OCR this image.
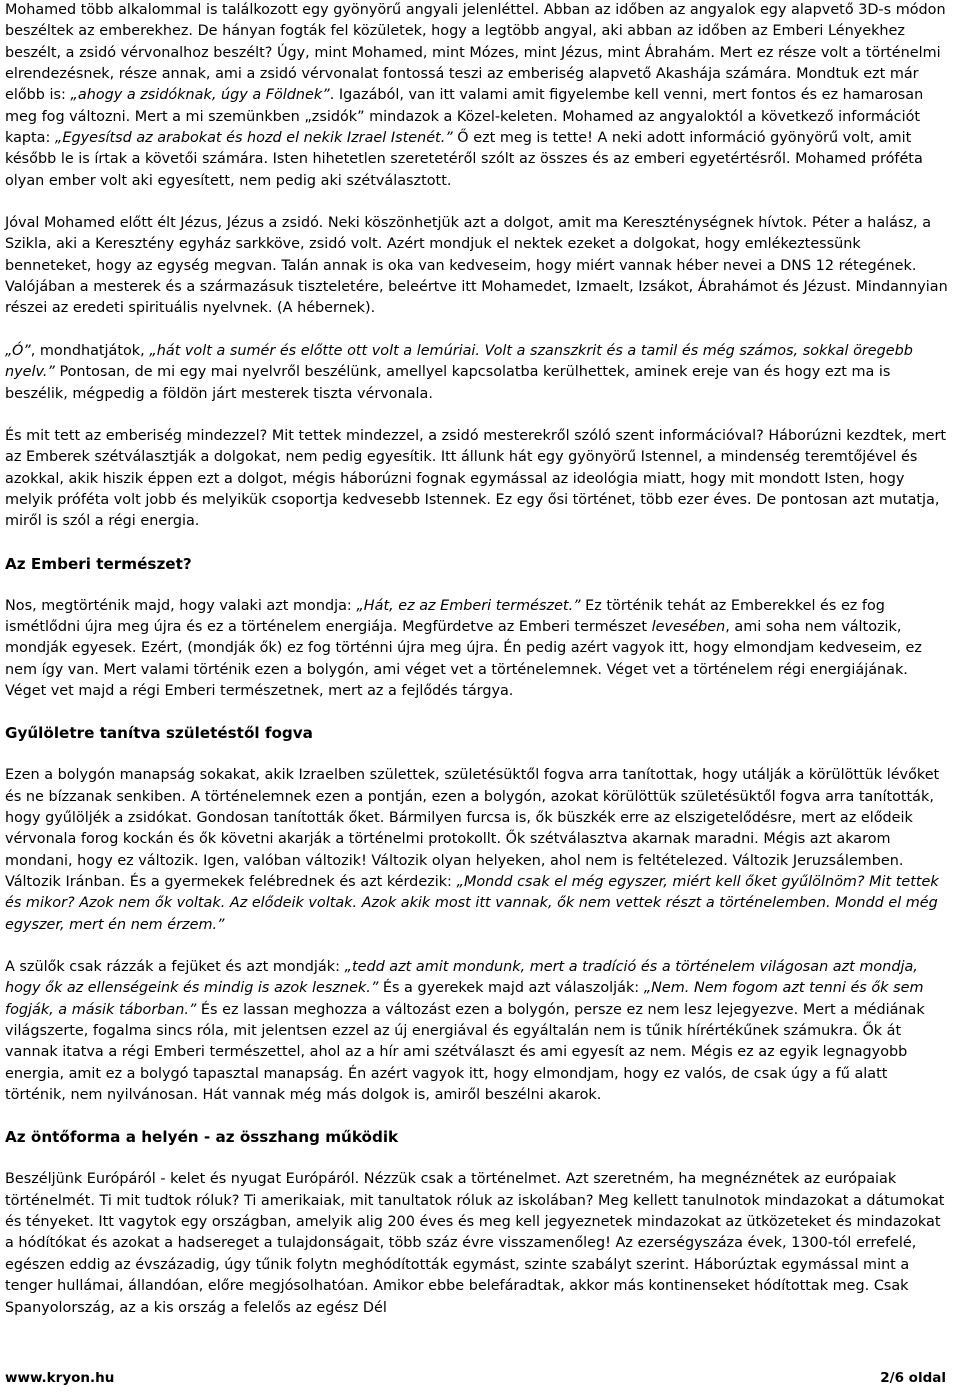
Mohamed több alkalommal is találkozott egy gyönyörű angyali jelenléttel. Abban az időben az angyalok egy alapvető 3D-s módon beszéltek az emberekhez. De hányan fogták fel közületek, hogy a legtöbb angyal, aki abban az időben az Emberi Lényekhez beszélt, a zsidó vérvonalhoz beszélt? Úgy, mint Mohamed, mint Mózes, mint Jézus, mint Ábrahám. Mert ez része volt a történelmi elrendezésnek, része annak, ami a zsidó vérvonalat fontossá teszi az emberiség alapvető Akashája számára. Mondtuk ezt már előbb is: „ahogy a zsidóknak, úgy a Földnek”. Igazából, van itt valami amit figyelembe kell venni, mert fontos és ez hamarosan meg fog változni. Mert a mi szemünkben „zsidók” mindazok a Közel-keleten. Mohamed az angyaloktól a következő információt kapta: „Egyesítsd az arabokat és hozd el nekik Izrael Istenét.” Ő ezt meg is tette! A neki adott információ gyönyörű volt, amit később le is írtak a követői számára. Isten hihetetlen szeretetéről szólt az összes és az emberi egyetértésről. Mohamed próféta olyan ember volt aki egyesített, nem pedig aki szétválasztott.

Jóval Mohamed előtt élt Jézus, Jézus a zsidó. Neki köszönhetjük azt a dolgot, amit ma Kereszténységnek hívtok. Péter a halász, a Szikla, aki a Keresztény egyház sarkköve, zsidó volt. Azért mondjuk el nektek ezeket a dolgokat, hogy emlékeztessünk benneteket, hogy az egység megvan. Talán annak is oka van kedveseim, hogy miért vannak héber nevei a DNS 12 rétegének. Valójában a mesterek és a származásuk tiszteletére, beleértve itt Mohamedet, Izmaelt, Izsákot, Ábrahámot és Jézust. Mindannyian részei az eredeti spirituális nyelvnek. (A hébernek).

„Ó”, mondhatjátok, „hát volt a sumér és előtte ott volt a lemúriai. Volt a szanszkrit és a tamil és még számos, sokkal öregebb nyelv.” Pontosan, de mi egy mai nyelvről beszélünk, amellyel kapcsolatba kerülhettek, aminek ereje van és hogy ezt ma is beszélik, mégpedig a földön járt mesterek tiszta vérvonala.

És mit tett az emberiség mindezzel? Mit tettek mindezzel, a zsidó mesterekről szóló szent információval? Háborúzni kezdtek, mert az Emberek szétválasztják a dolgokat, nem pedig egyesítik. Itt állunk hát egy gyönyörű Istennel, a mindenség teremtőjével és azokkal, akik hiszik éppen ezt a dolgot, mégis háborúzni fognak egymással az ideológia miatt, hogy mit mondott Isten, hogy melyik próféta volt jobb és melyikük csoportja kedvesebb Istennek. Ez egy ősi történet, több ezer éves. De pontosan azt mutatja, miről is szól a régi energia.

Az Emberi természet?

Nos, megtörténik majd, hogy valaki azt mondja: „Hát, ez az Emberi természet.” Ez történik tehát az Emberekkel és ez fog ismétlődni újra meg újra és ez a történelem energiája. Megfürdetve az Emberi természet levesében, ami soha nem változik, mondják egyesek. Ezért, (mondják ők) ez fog történni újra meg újra. Én pedig azért vagyok itt, hogy elmondjam kedveseim, ez nem így van. Mert valami történik ezen a bolygón, ami véget vet a történelemnek. Véget vet a történelem régi energiájának. Véget vet majd a régi Emberi természetnek, mert az a fejlődés tárgya.

Gyűlöletre tanítva születéstől fogva

Ezen a bolygón manapság sokakat, akik Izraelben születtek, születésüktől fogva arra tanítottak, hogy utálják a körülöttük lévőket és ne bízzanak senkiben. A történelemnek ezen a pontján, ezen a bolygón, azokat körülöttük születésüktől fogva arra tanították, hogy gyűlöljék a zsidókat. Gondosan tanították őket. Bármilyen furcsa is, ők büszkék erre az elszigetelődésre, mert az elődeik vérvonala forog kockán és ők követni akarják a történelmi protokollt. Ők szétválasztva akarnak maradni. Mégis azt akarom mondani, hogy ez változik. Igen, valóban változik! Változik olyan helyeken, ahol nem is feltételezed. Változik Jeruzsálemben. Változik Iránban. És a gyermekek felébrednek és azt kérdezik: „Mondd csak el még egyszer, miért kell őket gyűlölnöm? Mit tettek és mikor? Azok nem ők voltak. Az elődeik voltak. Azok akik most itt vannak, ők nem vettek részt a történelemben. Mondd el még egyszer, mert én nem érzem.”

A szülők csak rázzák a fejüket és azt mondják: „tedd azt amit mondunk, mert a tradíció és a történelem világosan azt mondja, hogy ők az ellenségeink és mindig is azok lesznek.” És a gyerekek majd azt válaszolják: „Nem. Nem fogom azt tenni és ők sem fogják, a másik táborban.” És ez lassan meghozza a változást ezen a bolygón, persze ez nem lesz lejegyezve. Mert a médiának világszerte, fogalma sincs róla, mit jelentsen ezzel az új energiával és egyáltalán nem is tűnik hírértékűnek számukra. Ők át vannak itatva a régi Emberi természettel, ahol az a hír ami szétválaszt és ami egyesít az nem. Mégis ez az egyik legnagyobb energia, amit ez a bolygó tapasztal manapság. Én azért vagyok itt, hogy elmondjam, hogy ez valós, de csak úgy a fű alatt történik, nem nyilvánosan. Hát vannak még más dolgok is, amiről beszélni akarok.

Az öntőforma a helyén - az összhang működik

Beszéljünk Európáról - kelet és nyugat Európáról. Nézzük csak a történelmet. Azt szeretném, ha megnéznétek az európaiak történelmét. Ti mit tudtok róluk? Ti amerikaiak, mit tanultatok róluk az iskolában? Meg kellett tanulnotok mindazokat a dátumokat és tényeket. Itt vagytok egy országban, amelyik alig 200 éves és meg kell jegyeznetek mindazokat az ütközeteket és mindazokat a hódítókat és azokat a hadsereget a tulajdonságait, több száz évre visszamenőleg! Az ezerségyszáza évek, 1300-tól errefelé, egészen eddig az évszázadig, úgy tűnik folytn meghódították egymást, szinte szabályt szerint. Háborúztak egymással mint a tenger hullámai, állandóan, előre megjósolhatóan. Amikor ebbe belefáradtak, akkor más kontinenseket hódítottak meg. Csak Spanyolország, az a kis ország a felelős az egész Dél

www.kryon.hu	2/6 oldal
